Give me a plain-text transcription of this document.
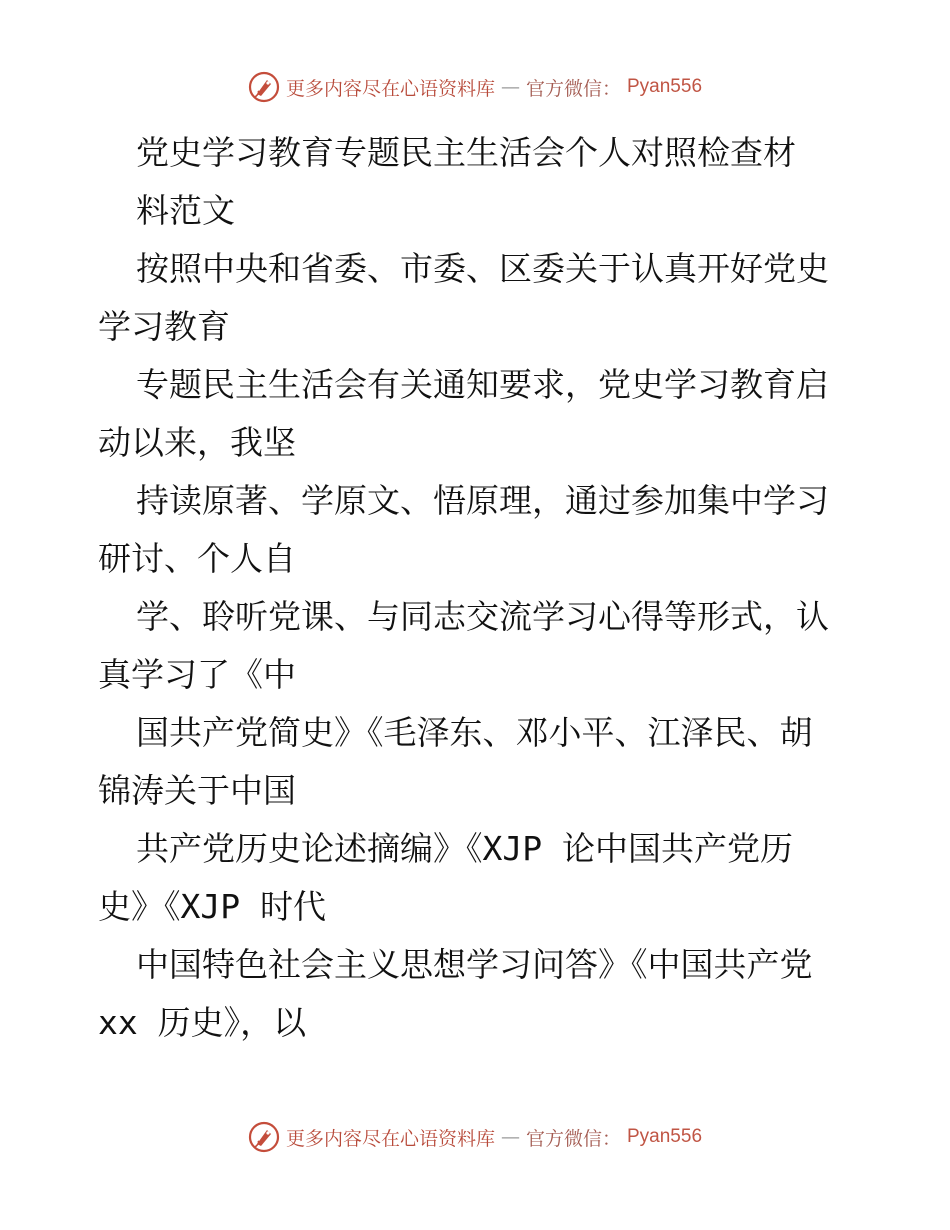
更多内容尽在心语资料库 — 官方微信： Pyan556

党史学习教育专题民主生活会个人对照检查材

料范文

按照中央和省委、市委、区委关于认真开好党史

学习教育

专题民主生活会有关通知要求，党史学习教育启

动以来，我坚

持读原著、学原文、悟原理，通过参加集中学习

研讨、个人自

学、聆听党课、与同志交流学习心得等形式，认

真学习了《中

国共产党简史》《毛泽东、邓小平、江泽民、胡

锦涛关于中国

共产党历史论述摘编》《XJP 论中国共产党历

史》《XJP 时代

中国特色社会主义思想学习问答》《中国共产党

xx 历史》，以

更多内容尽在心语资料库 — 官方微信： Pyan556
